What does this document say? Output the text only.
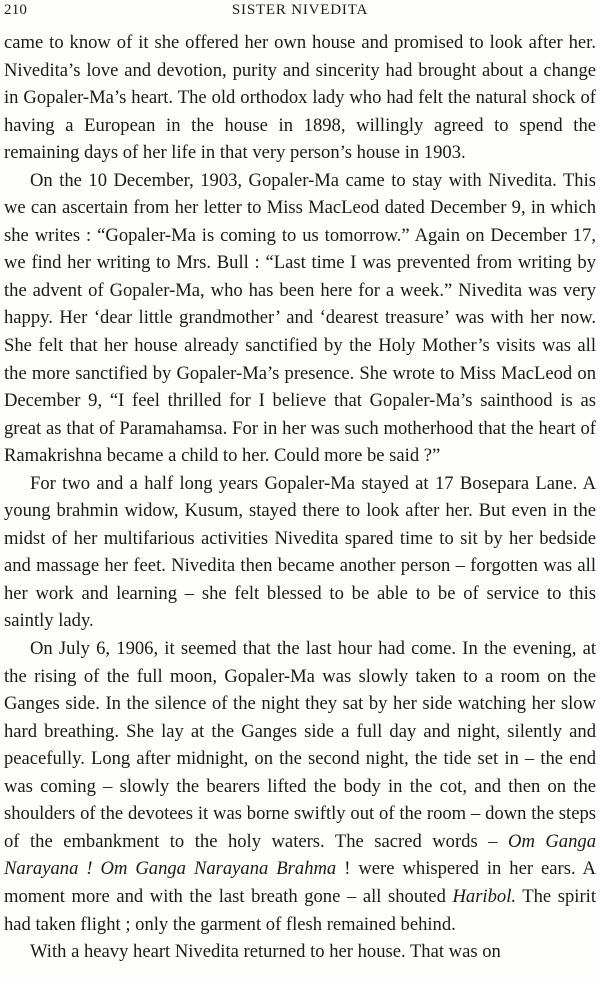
210	SISTER NIVEDITA

came to know of it she offered her own house and promised to look after her. Nivedita’s love and devotion, purity and sincerity had brought about a change in Gopaler-Ma’s heart. The old orthodox lady who had felt the natural shock of having a European in the house in 1898, willingly agreed to spend the remaining days of her life in that very person’s house in 1903.

On the 10 December, 1903, Gopaler-Ma came to stay with Nivedita. This we can ascertain from her letter to Miss MacLeod dated December 9, in which she writes : “Gopaler-Ma is coming to us tomorrow.” Again on December 17, we find her writing to Mrs. Bull : “Last time I was prevented from writing by the advent of Gopaler-Ma, who has been here for a week.” Nivedita was very happy. Her ‘dear little grandmother’ and ‘dearest treasure’ was with her now. She felt that her house already sanctified by the Holy Mother’s visits was all the more sanctified by Gopaler-Ma’s presence. She wrote to Miss MacLeod on December 9, “I feel thrilled for I believe that Gopaler-Ma’s sainthood is as great as that of Paramahamsa. For in her was such motherhood that the heart of Ramakrishna became a child to her. Could more be said ?”

For two and a half long years Gopaler-Ma stayed at 17 Bosepara Lane. A young brahmin widow, Kusum, stayed there to look after her. But even in the midst of her multifarious activities Nivedita spared time to sit by her bedside and massage her feet. Nivedita then became another person – forgotten was all her work and learning – she felt blessed to be able to be of service to this saintly lady.

On July 6, 1906, it seemed that the last hour had come. In the evening, at the rising of the full moon, Gopaler-Ma was slowly taken to a room on the Ganges side. In the silence of the night they sat by her side watching her slow hard breathing. She lay at the Ganges side a full day and night, silently and peacefully. Long after midnight, on the second night, the tide set in – the end was coming – slowly the bearers lifted the body in the cot, and then on the shoulders of the devotees it was borne swiftly out of the room – down the steps of the embankment to the holy waters. The sacred words – Om Ganga Narayana ! Om Ganga Narayana Brahma ! were whispered in her ears. A moment more and with the last breath gone – all shouted Haribol. The spirit had taken flight ; only the garment of flesh remained behind.

With a heavy heart Nivedita returned to her house. That was on
